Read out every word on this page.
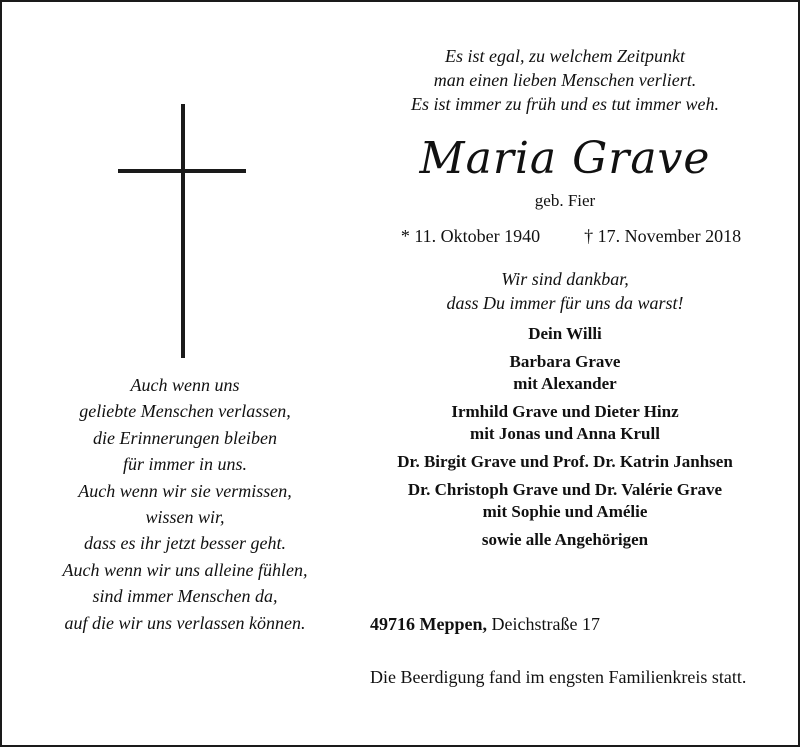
Auch wenn uns
geliebte Menschen verlassen,
die Erinnerungen bleiben
für immer in uns.
Auch wenn wir sie vermissen,
wissen wir,
dass es ihr jetzt besser geht.
Auch wenn wir uns alleine fühlen,
sind immer Menschen da,
auf die wir uns verlassen können.
Es ist egal, zu welchem Zeitpunkt
man einen lieben Menschen verliert.
Es ist immer zu früh und es tut immer weh.
Maria Grave
geb. Fier
* 11. Oktober 1940 † 17. November 2018
Wir sind dankbar,
dass Du immer für uns da warst!
Dein Willi
Barbara Grave
mit Alexander
Irmhild Grave und Dieter Hinz
mit Jonas und Anna Krull
Dr. Birgit Grave und Prof. Dr. Katrin Janhsen
Dr. Christoph Grave und Dr. Valérie Grave
mit Sophie und Amélie
sowie alle Angehörigen
49716 Meppen, Deichstraße 17
Die Beerdigung fand im engsten Familienkreis statt.
